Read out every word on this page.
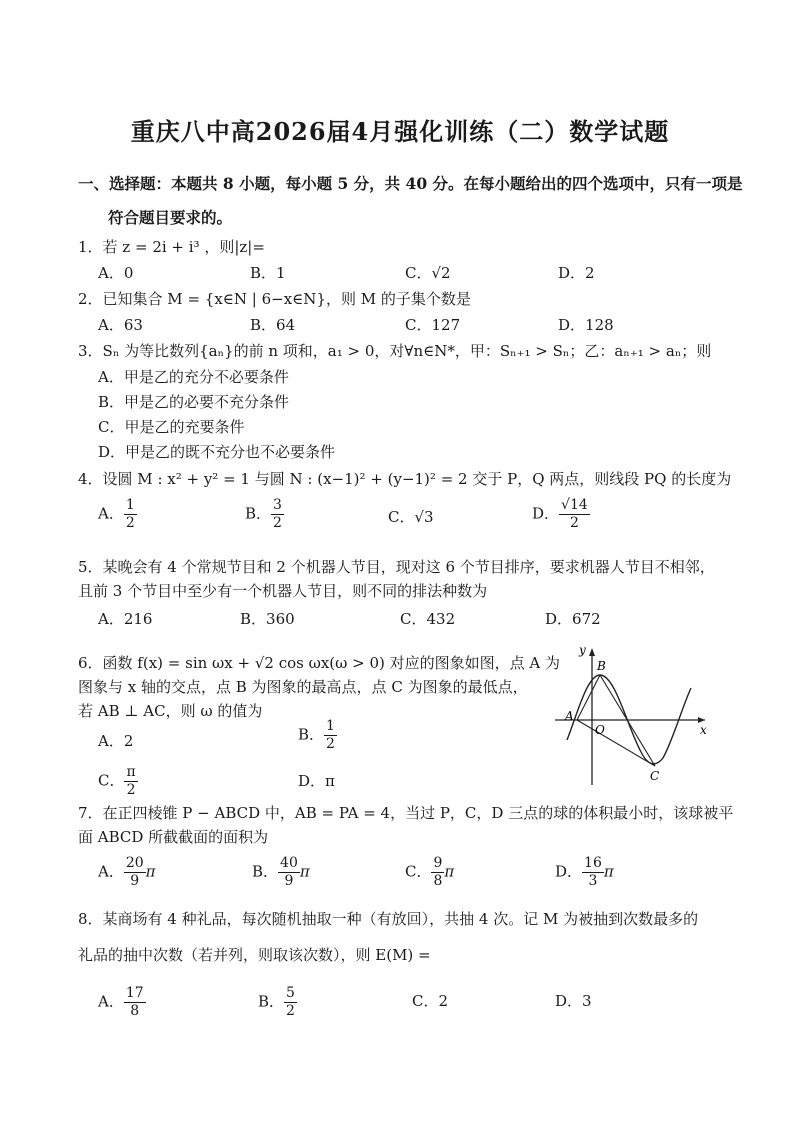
重庆八中高2026届4月强化训练（二）数学试题
一、选择题：本题共 8 小题，每小题 5 分，共 40 分。在每小题给出的四个选项中，只有一项是
符合题目要求的。
1．若 z = 2i + i³ ，则|z|=
A．0	B．1	C．√2	D．2
2．已知集合 M = {x∈N | 6−x∈N}，则 M 的子集个数是
A．63	B．64	C．127	D．128
3．Sₙ 为等比数列{aₙ}的前 n 项和，a₁ > 0，对∀n∈N*，甲：Sₙ₊₁ > Sₙ；乙：aₙ₊₁ > aₙ；则
A．甲是乙的充分不必要条件
B．甲是乙的必要不充分条件
C．甲是乙的充要条件
D．甲是乙的既不充分也不必要条件
4．设圆 M : x² + y² = 1 与圆 N : (x−1)² + (y−1)² = 2 交于 P，Q 两点，则线段 PQ 的长度为
A． $\frac{1}{2}$	B． $\frac{3}{2}$	C．√3	D． $\frac{√14}{2}$
5．某晚会有 4 个常规节目和 2 个机器人节目，现对这 6 个节目排序，要求机器人节目不相邻，
且前 3 个节目中至少有一个机器人节目，则不同的排法种数为
A．216	B．360	C．432	D．672
6．函数 f(x) = sin ωx + √2 cos ωx(ω > 0) 对应的图象如图，点 A 为
图象与 x 轴的交点，点 B 为图象的最高点，点 C 为图象的最低点，
若 AB ⊥ AC，则 ω 的值为
A．2	B． $\frac{1}{2}$
C． $\frac{\pi}{2}$	D．π
y
x
A
B
C
O
7．在正四棱锥 P − ABCD 中，AB = PA = 4，当过 P，C，D 三点的球的体积最小时，该球被平
面 ABCD 所截截面的面积为
A． $\frac{20}{9}$ π	B． $\frac{40}{9}$ π	C． $\frac{9}{8}$ π	D． $\frac{16}{3}$ π
8．某商场有 4 种礼品，每次随机抽取一种（有放回），共抽 4 次。记 M 为被抽到次数最多的
礼品的抽中次数（若并列，则取该次数），则 E(M) =
A． $\frac{17}{8}$	B． $\frac{5}{2}$	C．2	D．3
